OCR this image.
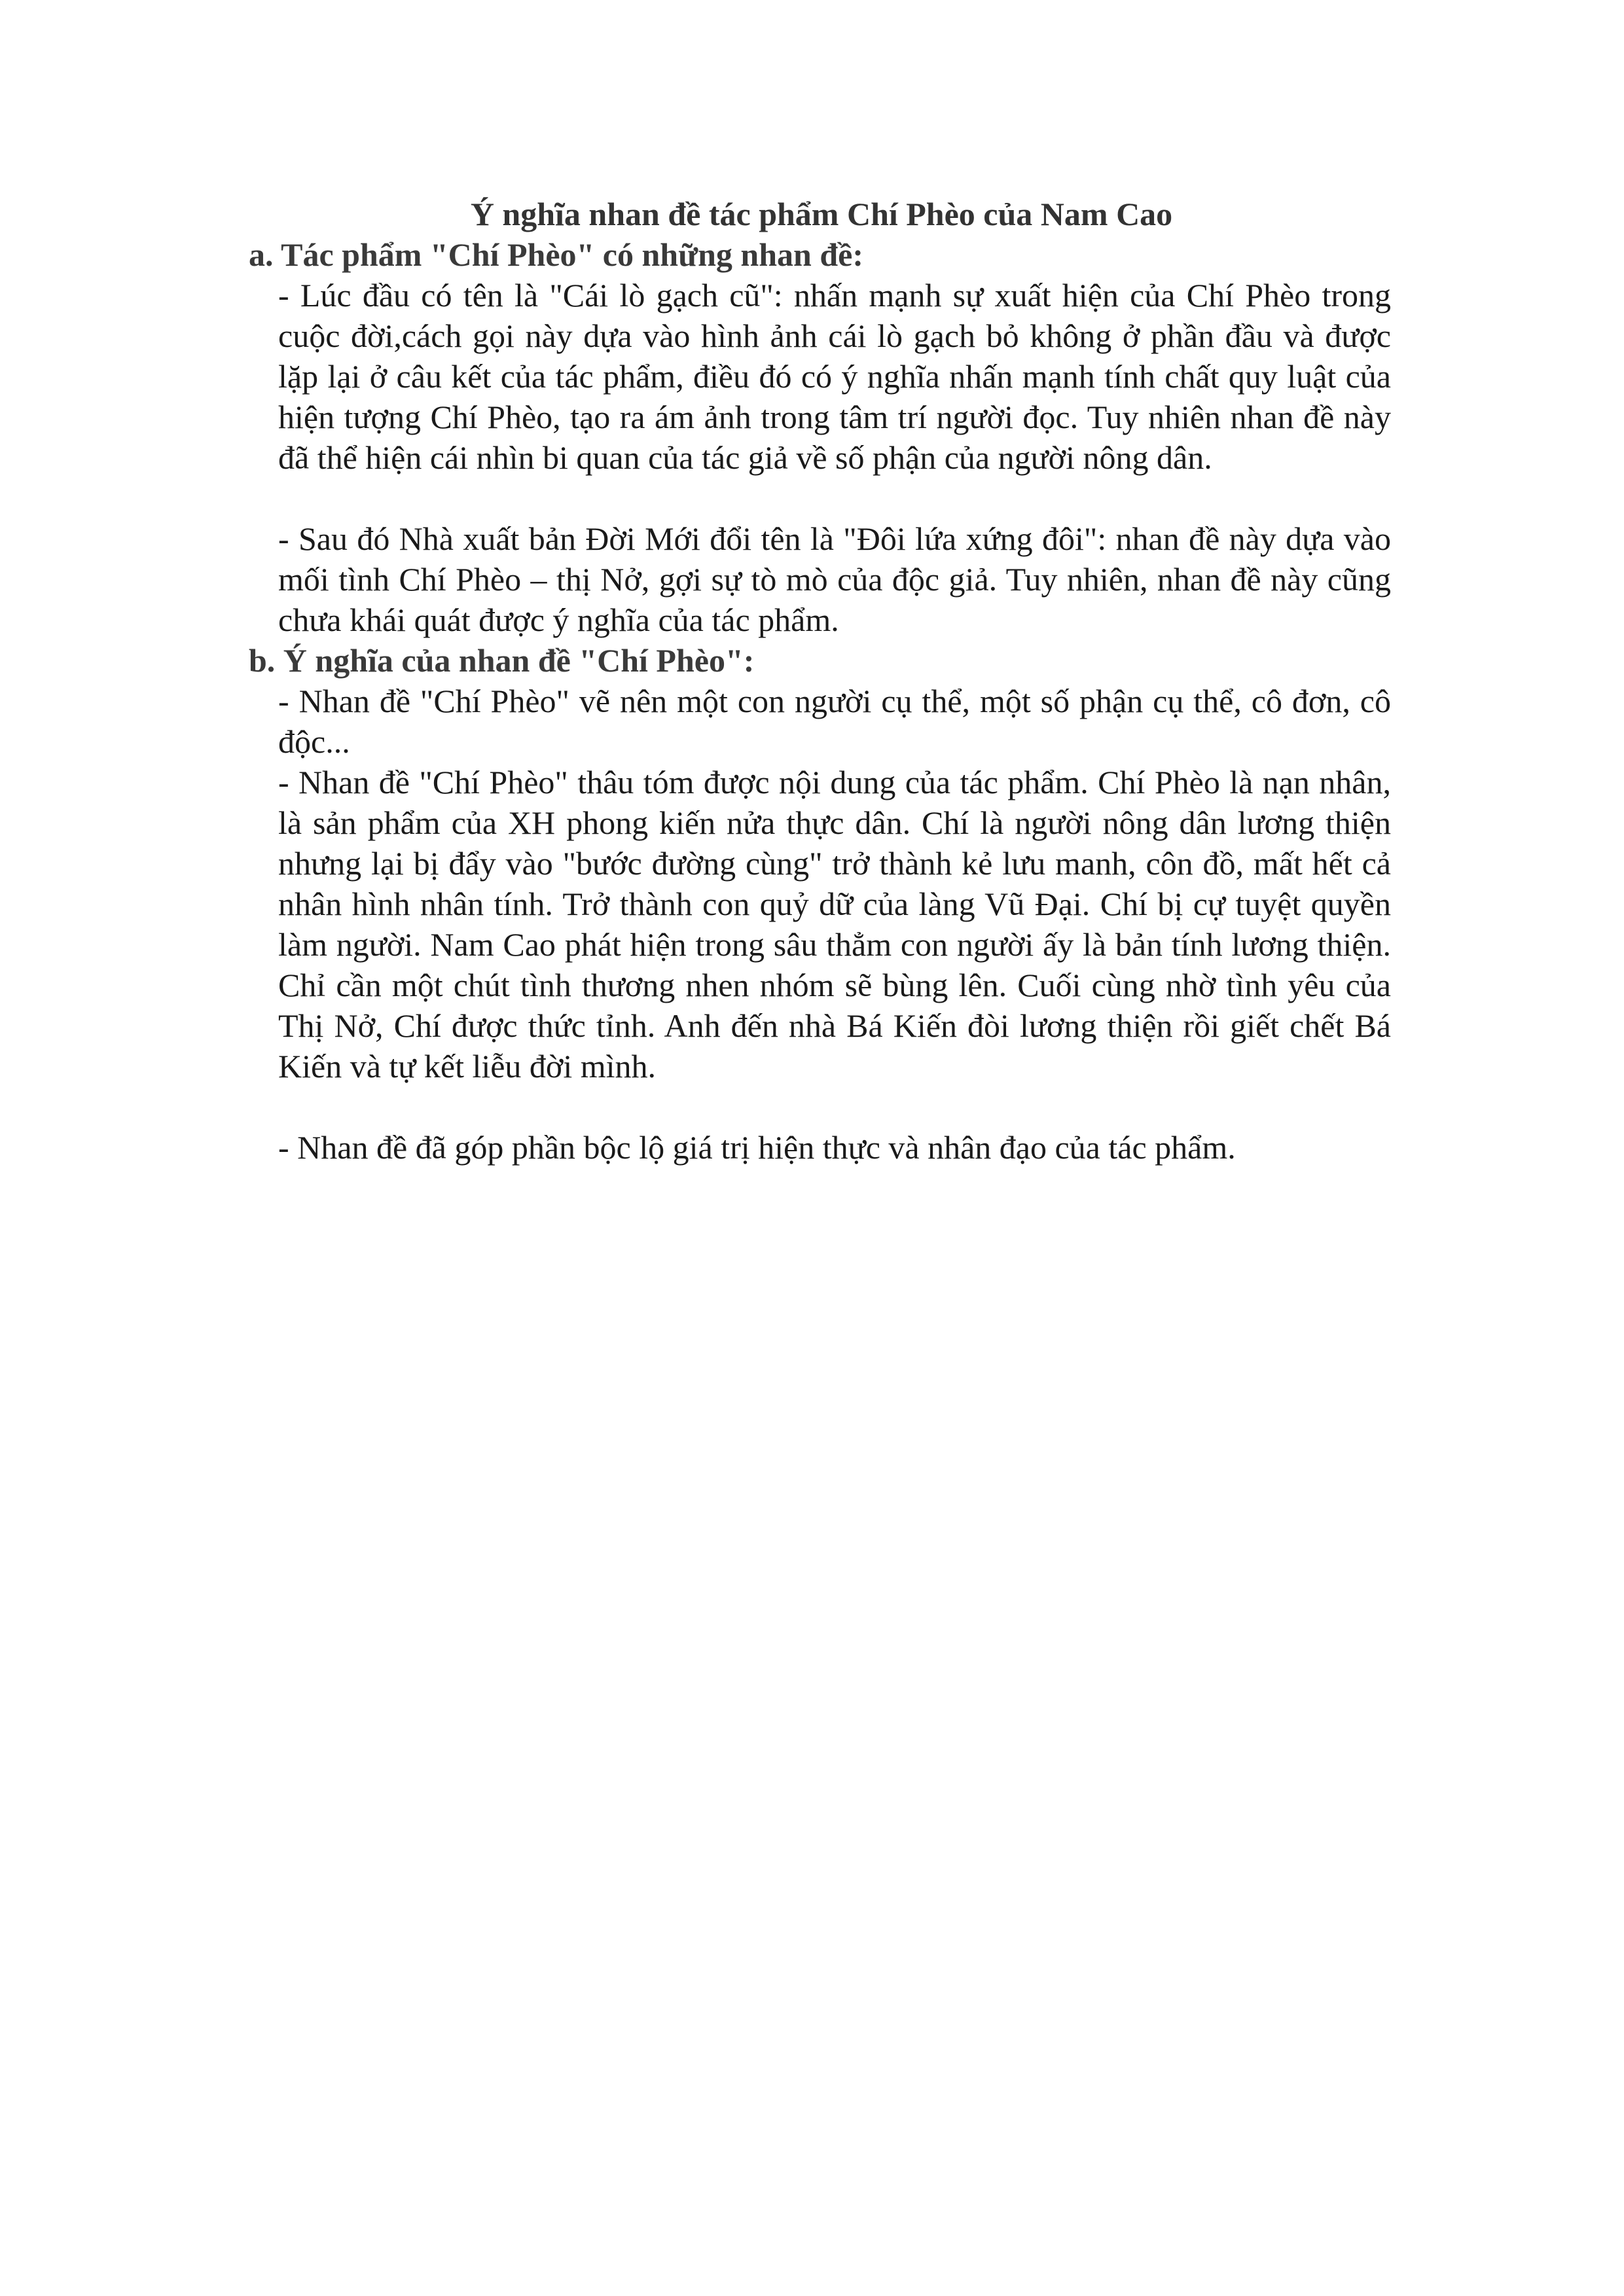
Ý nghĩa nhan đề tác phẩm Chí Phèo của Nam Cao
a. Tác phẩm "Chí Phèo" có những nhan đề:
- Lúc đầu có tên là "Cái lò gạch cũ": nhấn mạnh sự xuất hiện của Chí Phèo trong cuộc đời,cách gọi này dựa vào hình ảnh cái lò gạch bỏ không ở phần đầu và được lặp lại ở câu kết của tác phẩm, điều đó có ý nghĩa nhấn mạnh tính chất quy luật của hiện tượng Chí Phèo, tạo ra ám ảnh trong tâm trí người đọc. Tuy nhiên nhan đề này đã thể hiện cái nhìn bi quan của tác giả về số phận của người nông dân.
- Sau đó Nhà xuất bản Đời Mới đổi tên là "Đôi lứa xứng đôi": nhan đề này dựa vào mối tình Chí Phèo – thị Nở, gợi sự tò mò của độc giả. Tuy nhiên, nhan đề này cũng chưa khái quát được ý nghĩa của tác phẩm.
b. Ý nghĩa của nhan đề "Chí Phèo":
- Nhan đề "Chí Phèo" vẽ nên một con người cụ thể, một số phận cụ thể, cô đơn, cô độc...
- Nhan đề "Chí Phèo" thâu tóm được nội dung của tác phẩm. Chí Phèo là nạn nhân, là sản phẩm của XH phong kiến nửa thực dân. Chí là người nông dân lương thiện nhưng lại bị đẩy vào "bước đường cùng" trở thành kẻ lưu manh, côn đồ, mất hết cả nhân hình nhân tính. Trở thành con quỷ dữ của làng Vũ Đại. Chí bị cự tuyệt quyền làm người. Nam Cao phát hiện trong sâu thẳm con người ấy là bản tính lương thiện. Chỉ cần một chút tình thương nhen nhóm sẽ bùng lên. Cuối cùng nhờ tình yêu của Thị Nở, Chí được thức tỉnh. Anh đến nhà Bá Kiến đòi lương thiện rồi giết chết Bá Kiến và tự kết liễu đời mình.
- Nhan đề đã góp phần bộc lộ giá trị hiện thực và nhân đạo của tác phẩm.
